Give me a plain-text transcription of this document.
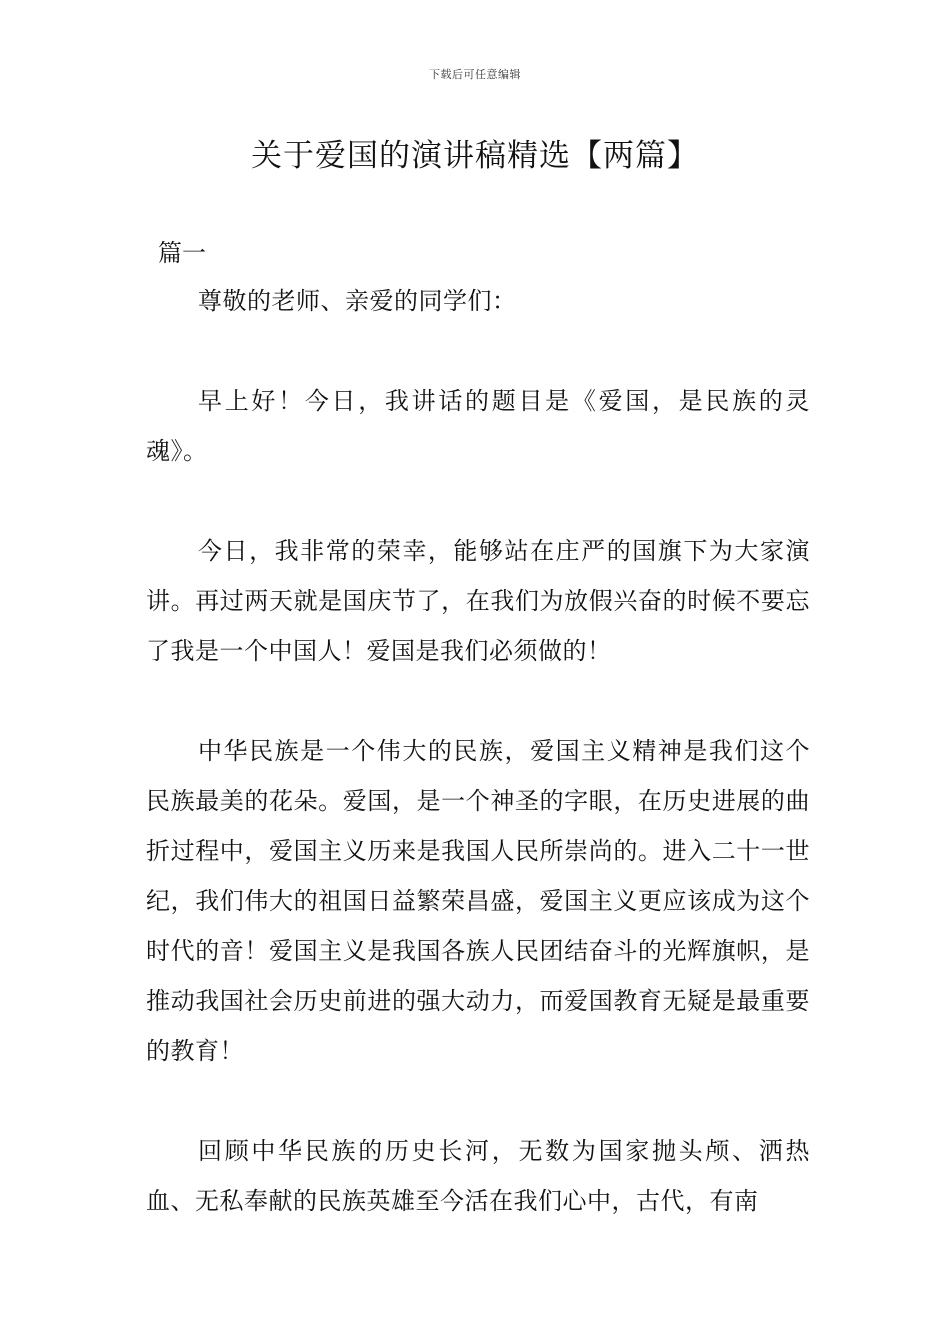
下载后可任意编辑
关于爱国的演讲稿精选【两篇】
篇一

尊敬的老师、亲爱的同学们：

早上好！今日，我讲话的题目是《爱国，是民族的灵魂》。

今日，我非常的荣幸，能够站在庄严的国旗下为大家演讲。再过两天就是国庆节了，在我们为放假兴奋的时候不要忘了我是一个中国人！爱国是我们必须做的！

中华民族是一个伟大的民族，爱国主义精神是我们这个民族最美的花朵。爱国，是一个神圣的字眼，在历史进展的曲折过程中，爱国主义历来是我国人民所崇尚的。进入二十一世纪，我们伟大的祖国日益繁荣昌盛，爱国主义更应该成为这个时代的音！爱国主义是我国各族人民团结奋斗的光辉旗帜，是推动我国社会历史前进的强大动力，而爱国教育无疑是最重要的教育！

回顾中华民族的历史长河，无数为国家抛头颅、洒热血、无私奉献的民族英雄至今活在我们心中，古代，有南
